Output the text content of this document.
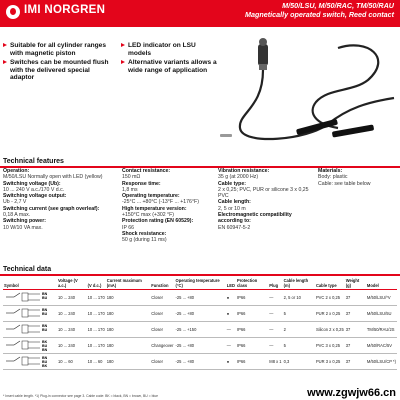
IMI NORGREN	M/50/LSU, M/50/RAC, TM/50/RAU
Magnetically operated switch, Reed contact
Suitable for all cylinder ranges with magnetic piston
Switches can be mounted flush with the delivered special adaptor
LED indicator on LSU models
Alternative variants allows a wide range of application
Technical features
Operation:
M/50/LSU Normally open with LED (yellow)
Switching voltage (Ub):
10 ... 240 V a.c./170 V d.c.
Switching voltage output:
Ub - 2,7 V
Switching current (see graph overleaf):
0,18 A max.
Switching power:
10 W/10 VA max.
Contact resistance:
150 mΩ
Response time:
1,8 ms
Operating temperature:
-25°C ... +80°C (-13°F ... +176°F)
High temperature version:
+150°C max (+302 °F)
Protection rating (EN 60529):
IP 66
Shock resistance:
50 g (during 11 ms)
Vibration resistance:
35 g (at 2000 Hz)
Cable type:
2 x 0,25; PVC, PUR or silicone 3 x 0,25 PVC
Cable length:
2, 5 or 10 m
Electromagnetic compatibility according to:
EN 60947-5-2
Materials:
Body: plastic
Cable: see table below
Technical data
Symbol	Voltage (V a.c.)	(V d.c.)	Current maximum (mA)	Function	Operating temperature (°C)	LED	Protection class	Plug	Cable length (m)	Cable type	Weight (g)	Model

BN
BU	10 ... 240	10 ... 170	180	Closer	-25 ... +80	●	IP66	—	2, 5 or 10	PVC 2 x 0,25	37	M/50/LSU/*V

BN
BU	10 ... 240	10 ... 170	180	Closer	-25 ... +80	●	IP66	—	5	PUR 2 x 0,25	37	M/50/LSU/5U

BN
BU	10 ... 240	10 ... 170	180	Closer	-25 ... +150	—	IP66	—	2	Silicon 2 x 0,25	37	TM/50/RAU/2S

BK
BU
BN	10 ... 240	10 ... 170	180	Changeover	-25 ... +80	—	IP66	—	5	PVC 3 x 0,25	37	M/50/RAC/5V

BN
BU
BK	10 ... 60	10 ... 60	180	Closer	-25 ... +80	●	IP66	M8 x 1	0,3	PUR 3 x 0,25	37	M/50/LSU/CP *)
* Insert cable length. *1) Plug-in connector see page 3. Cable code: BK = black, BN = brown, BU = blue	www.zgwjw66.cn
